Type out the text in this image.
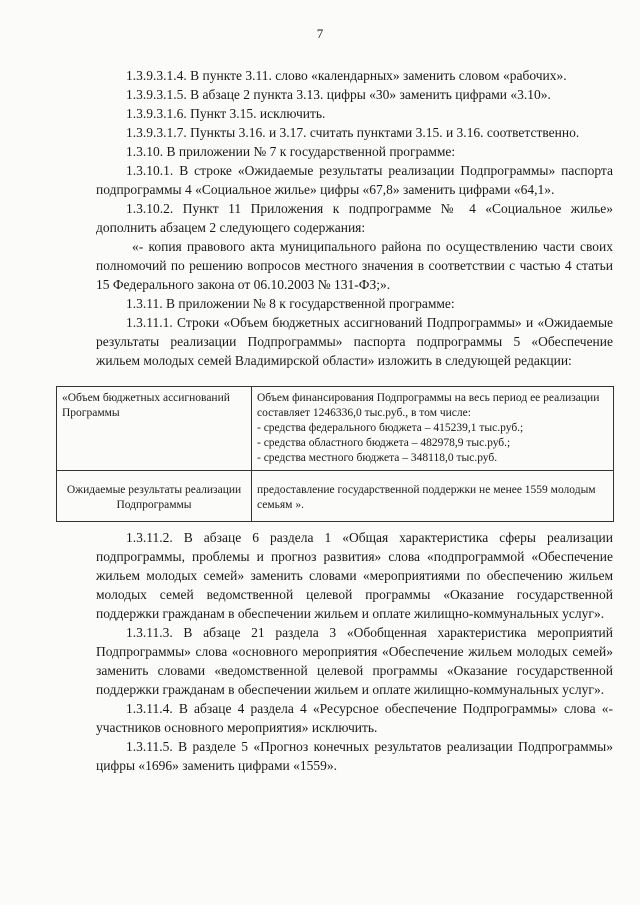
7

1.3.9.3.1.4. В пункте 3.11. слово «календарных» заменить словом «рабочих».

1.3.9.3.1.5. В абзаце 2 пункта 3.13. цифры «30» заменить цифрами «3.10».

1.3.9.3.1.6. Пункт 3.15. исключить.

1.3.9.3.1.7. Пункты 3.16. и 3.17. считать пунктами 3.15. и 3.16. соответственно.

1.3.10. В приложении № 7 к государственной программе:

1.3.10.1. В строке «Ожидаемые результаты реализации Подпрограммы» паспорта подпрограммы 4 «Социальное жилье» цифры «67,8» заменить цифрами «64,1».

1.3.10.2. Пункт 11 Приложения к подпрограмме № 4 «Социальное жилье» дополнить абзацем 2 следующего содержания:

«- копия правового акта муниципального района по осуществлению части своих полномочий по решению вопросов местного значения в соответствии с частью 4 статьи 15 Федерального закона от 06.10.2003 № 131-ФЗ;».

1.3.11. В приложении № 8 к государственной программе:

1.3.11.1. Строки «Объем бюджетных ассигнований Подпрограммы» и «Ожидаемые результаты реализации Подпрограммы» паспорта подпрограммы 5 «Обеспечение жильем молодых семей Владимирской области» изложить в следующей редакции:

«Объем бюджетных ассигнований Программы	Объем финансирования Подпрограммы на весь период ее реализации составляет 1246336,0 тыс.руб., в том числе:
- средства федерального бюджета – 415239,1 тыс.руб.;
- средства областного бюджета – 482978,9 тыс.руб.;
- средства местного бюджета – 348118,0 тыс.руб.

Ожидаемые результаты реализации Подпрограммы	предоставление государственной поддержки не менее 1559 молодым семьям ».

1.3.11.2. В абзаце 6 раздела 1 «Общая характеристика сферы реализации подпрограммы, проблемы и прогноз развития» слова «подпрограммой «Обеспечение жильем молодых семей» заменить словами «мероприятиями по обеспечению жильем молодых семей ведомственной целевой программы «Оказание государственной поддержки гражданам в обеспечении жильем и оплате жилищно-коммунальных услуг».

1.3.11.3. В абзаце 21 раздела 3 «Обобщенная характеристика мероприятий Подпрограммы» слова «основного мероприятия «Обеспечение жильем молодых семей» заменить словами «ведомственной целевой программы «Оказание государственной поддержки гражданам в обеспечении жильем и оплате жилищно-коммунальных услуг».

1.3.11.4. В абзаце 4 раздела 4 «Ресурсное обеспечение Подпрограммы» слова «- участников основного мероприятия» исключить.

1.3.11.5. В разделе 5 «Прогноз конечных результатов реализации Подпрограммы» цифры «1696» заменить цифрами «1559».
